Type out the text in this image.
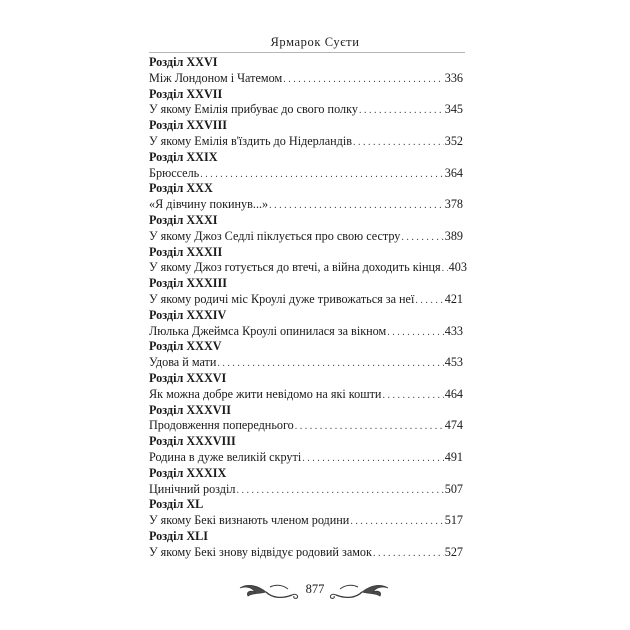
Ярмарок Суєти
Розділ XXVI
Між Лондоном і Чатемом . . .	336
Розділ XXVII
У якому Емілія прибуває до свого полку . . .	345
Розділ XXVIII
У якому Емілія в'їздить до Нідерландів . . .	352
Розділ XXIX
Брюссель . . .	364
Розділ XXX
«Я дівчину покинув...» . . .	378
Розділ XXXI
У якому Джоз Седлі піклується про свою сестру . . .	389
Розділ XXXII
У якому Джоз готується до втечі, а війна доходить кінця . . . 403
Розділ XXXIII
У якому родичі міс Кроулі дуже тривожаться за неї . . . 421
Розділ XXXIV
Люлька Джеймса Кроулі опинилася за вікном . . .	433
Розділ XXXV
Удова й мати . . .	453
Розділ XXXVI
Як можна добре жити невідомо на які кошти . . .	464
Розділ XXXVII
Продовження попереднього . . .	474
Розділ XXXVIII
Родина в дуже великій скруті . . .	491
Розділ XXXIX
Цинічний розділ . . .	507
Розділ XL
У якому Бекі визнають членом родини . . .	517
Розділ XLI
У якому Бекі знову відвідує родовий замок . . .	527
877
